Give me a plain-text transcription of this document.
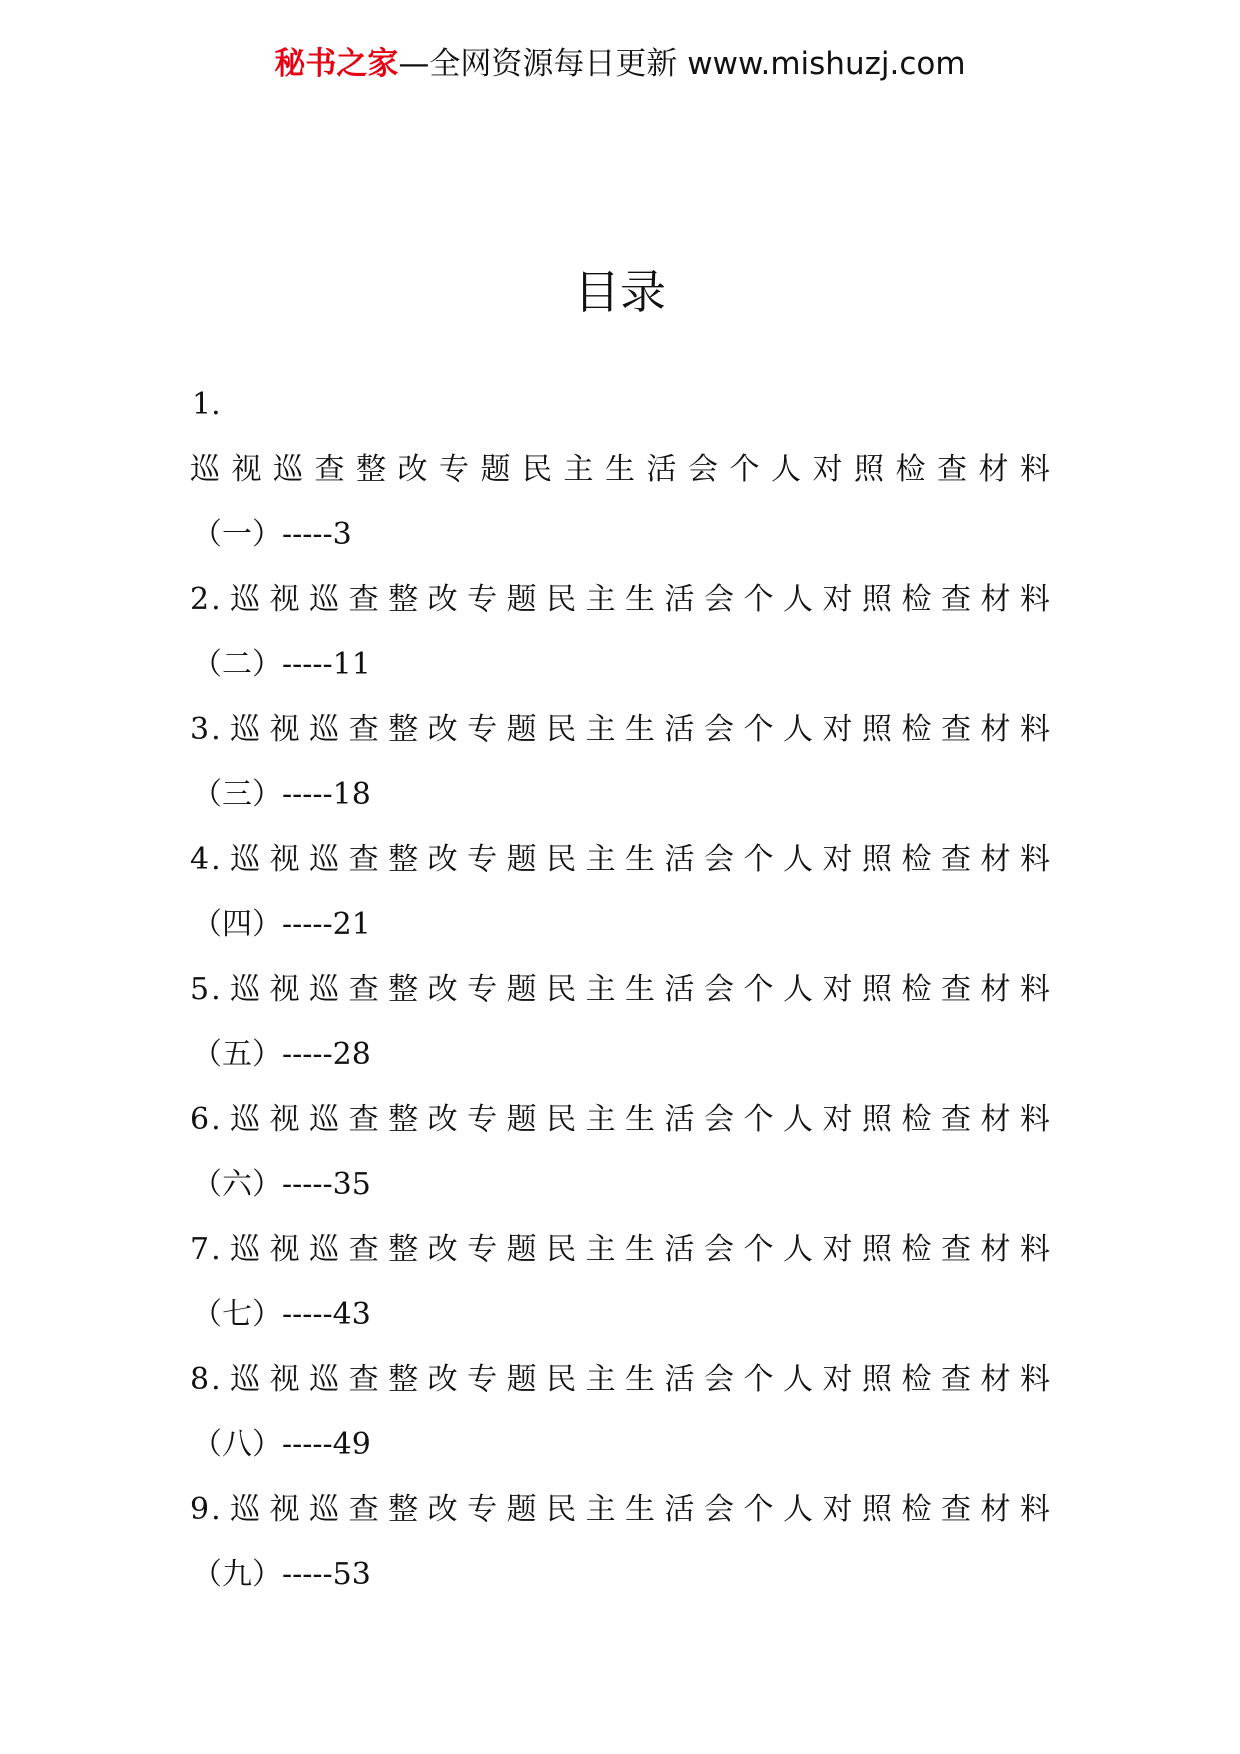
秘书之家—全网资源每日更新 www.mishuzj.com
目录
1.
巡视巡查整改专题民主生活会个人对照检查材料
（一）-----3
2.巡视巡查整改专题民主生活会个人对照检查材料
（二）-----11
3.巡视巡查整改专题民主生活会个人对照检查材料
（三）-----18
4.巡视巡查整改专题民主生活会个人对照检查材料
（四）-----21
5.巡视巡查整改专题民主生活会个人对照检查材料
（五）-----28
6.巡视巡查整改专题民主生活会个人对照检查材料
（六）-----35
7.巡视巡查整改专题民主生活会个人对照检查材料
（七）-----43
8.巡视巡查整改专题民主生活会个人对照检查材料
（八）-----49
9.巡视巡查整改专题民主生活会个人对照检查材料
（九）-----53
